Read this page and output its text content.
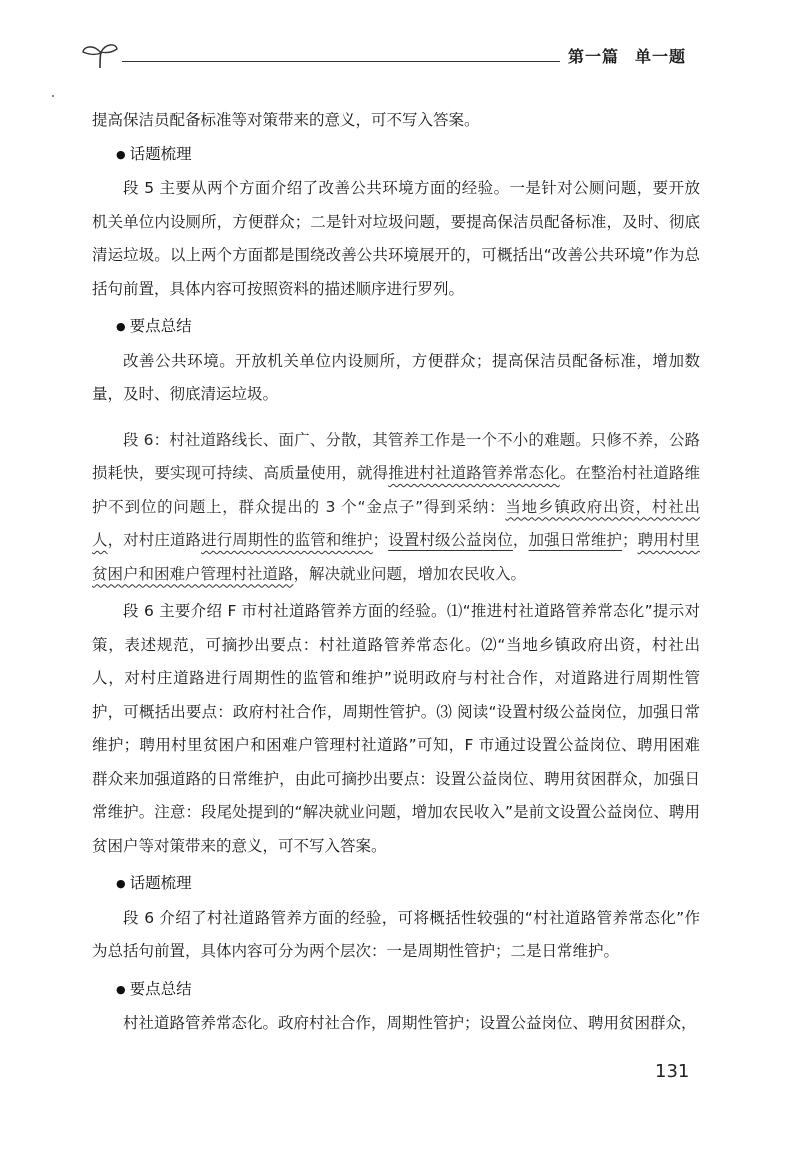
第一篇 单一题

提高保洁员配备标准等对策带来的意义，可不写入答案。

● 话题梳理

段 5 主要从两个方面介绍了改善公共环境方面的经验。一是针对公厕问题，要开放机关单位内设厕所，方便群众；二是针对垃圾问题，要提高保洁员配备标准，及时、彻底清运垃圾。以上两个方面都是围绕改善公共环境展开的，可概括出“改善公共环境”作为总括句前置，具体内容可按照资料的描述顺序进行罗列。

● 要点总结

改善公共环境。开放机关单位内设厕所，方便群众；提高保洁员配备标准，增加数量，及时、彻底清运垃圾。

段 6：村社道路线长、面广、分散，其管养工作是一个不小的难题。只修不养，公路损耗快，要实现可持续、高质量使用，就得推进村社道路管养常态化。在整治村社道路维护不到位的问题上，群众提出的 3 个“金点子”得到采纳：当地乡镇政府出资，村社出人，对村庄道路进行周期性的监管和维护；设置村级公益岗位，加强日常维护；聘用村里贫困户和困难户管理村社道路，解决就业问题，增加农民收入。

段 6 主要介绍 F 市村社道路管养方面的经验。⑴“推进村社道路管养常态化”提示对策，表述规范，可摘抄出要点：村社道路管养常态化。⑵“当地乡镇政府出资，村社出人，对村庄道路进行周期性的监管和维护”说明政府与村社合作，对道路进行周期性管护，可概括出要点：政府村社合作，周期性管护。⑶ 阅读“设置村级公益岗位，加强日常维护；聘用村里贫困户和困难户管理村社道路”可知，F 市通过设置公益岗位、聘用困难群众来加强道路的日常维护，由此可摘抄出要点：设置公益岗位、聘用贫困群众，加强日常维护。注意：段尾处提到的“解决就业问题，增加农民收入”是前文设置公益岗位、聘用贫困户等对策带来的意义，可不写入答案。

● 话题梳理

段 6 介绍了村社道路管养方面的经验，可将概括性较强的“村社道路管养常态化”作为总括句前置，具体内容可分为两个层次：一是周期性管护；二是日常维护。

● 要点总结

村社道路管养常态化。政府村社合作，周期性管护；设置公益岗位、聘用贫困群众，

131
